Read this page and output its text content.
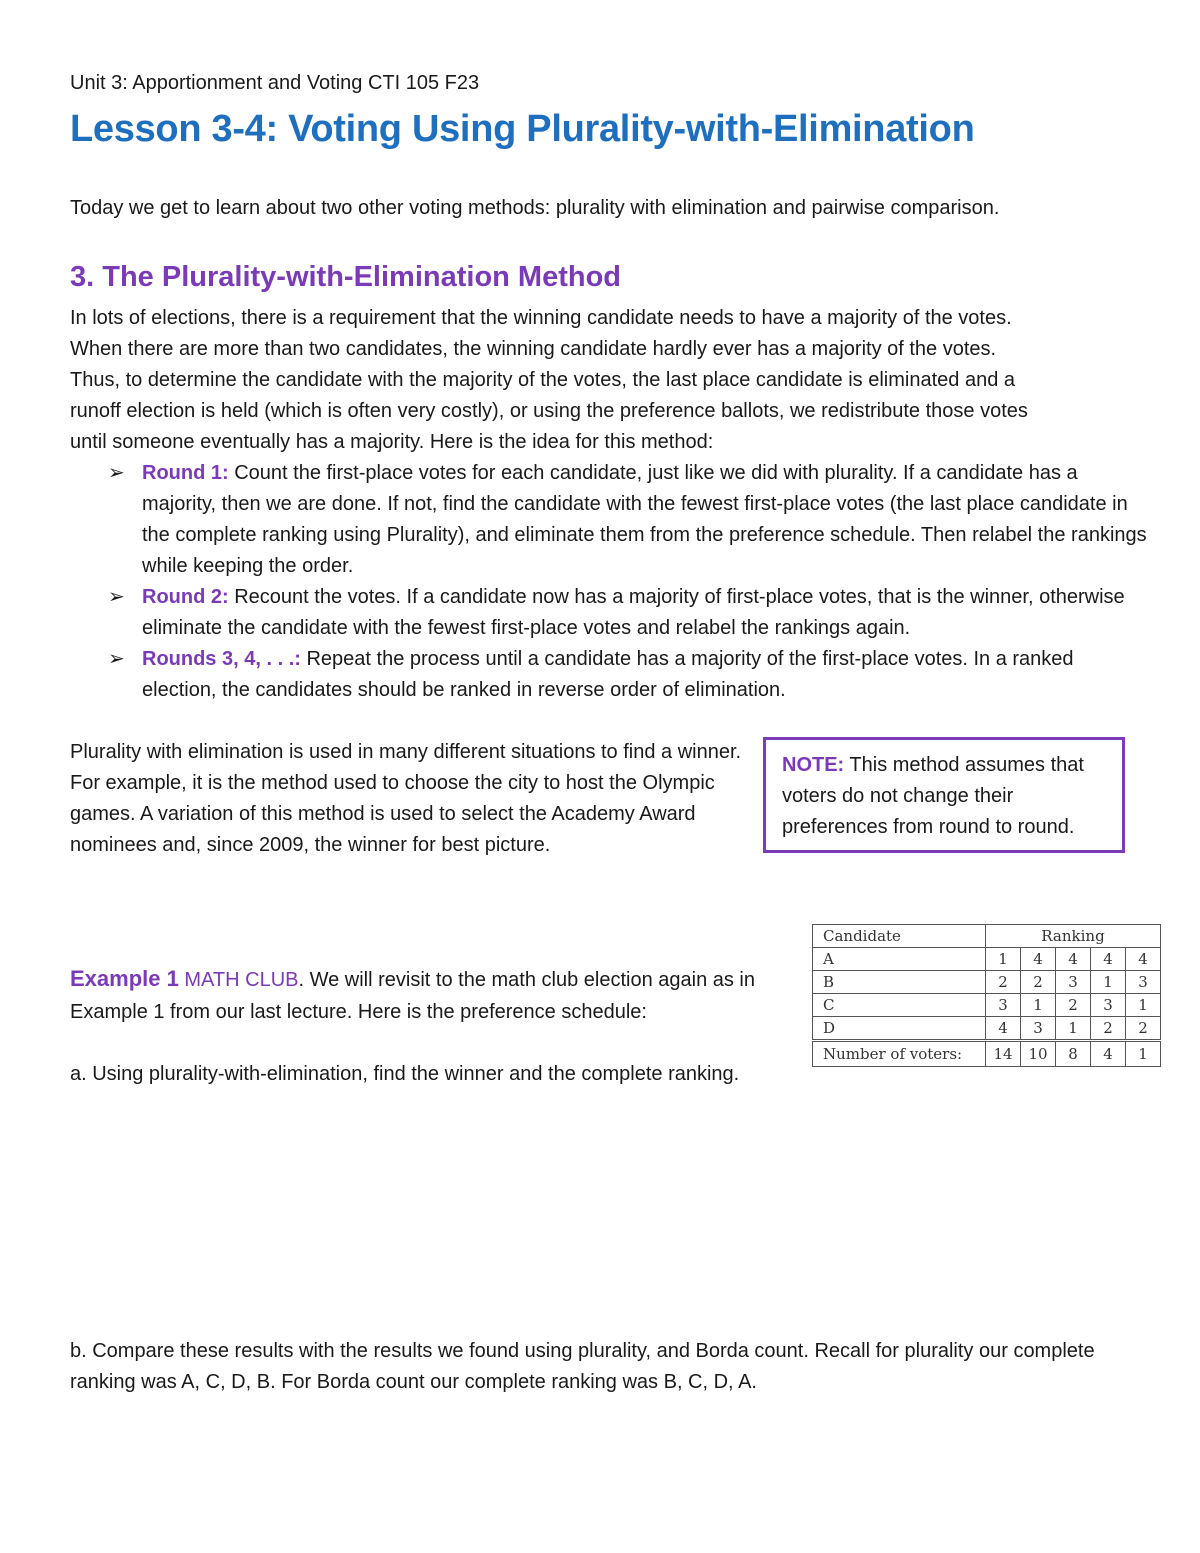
Unit 3: Apportionment and Voting CTI 105 F23
Lesson 3-4: Voting Using Plurality-with-Elimination
Today we get to learn about two other voting methods: plurality with elimination and pairwise comparison.
3. The Plurality-with-Elimination Method
In lots of elections, there is a requirement that the winning candidate needs to have a majority of the votes.
When there are more than two candidates, the winning candidate hardly ever has a majority of the votes.
Thus, to determine the candidate with the majority of the votes, the last place candidate is eliminated and a
runoff election is held (which is often very costly), or using the preference ballots, we redistribute those votes
until someone eventually has a majority. Here is the idea for this method:
➢ Round 1: Count the first-place votes for each candidate, just like we did with plurality. If a candidate has a majority, then we are done. If not, find the candidate with the fewest first-place votes (the last place candidate in the complete ranking using Plurality), and eliminate them from the preference schedule. Then relabel the rankings while keeping the order.
➢ Round 2: Recount the votes. If a candidate now has a majority of first-place votes, that is the winner, otherwise eliminate the candidate with the fewest first-place votes and relabel the rankings again.
➢ Rounds 3, 4, . . .: Repeat the process until a candidate has a majority of the first-place votes. In a ranked election, the candidates should be ranked in reverse order of elimination.
Plurality with elimination is used in many different situations to find a winner. For example, it is the method used to choose the city to host the Olympic games. A variation of this method is used to select the Academy Award nominees and, since 2009, the winner for best picture.
NOTE: This method assumes that voters do not change their preferences from round to round.
Example 1 MATH CLUB. We will revisit to the math club election again as in Example 1 from our last lecture. Here is the preference schedule:
a. Using plurality-with-elimination, find the winner and the complete ranking.
Candidate	Ranking				
A	1	4	4	4	4
B	2	2	3	1	3
C	3	1	2	3	1
D	4	3	1	2	2
Number of voters:	14	10	8	4	1
b. Compare these results with the results we found using plurality, and Borda count. Recall for plurality our complete ranking was A, C, D, B. For Borda count our complete ranking was B, C, D, A.
